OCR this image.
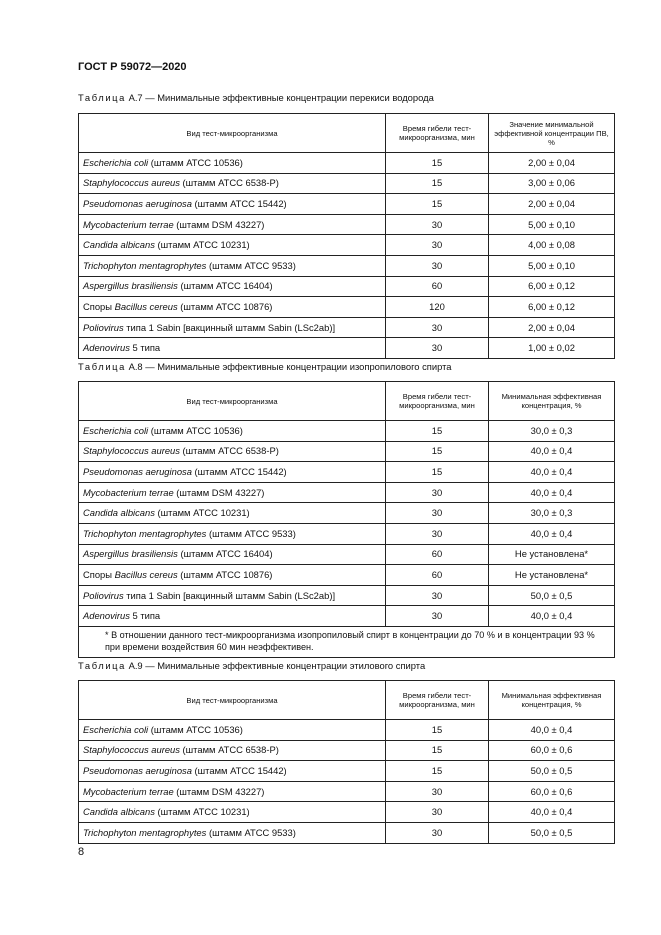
ГОСТ Р 59072—2020
Таблица А.7 — Минимальные эффективные концентрации перекиси водорода
Вид тест-микроорганизма	Время гибели тест-микроорганизма, мин	Значение минимальной эффективной концентрации ПВ, %
Escherichia coli (штамм АТСС 10536)	15	2,00 ± 0,04
Staphylococcus aureus (штамм АТСС 6538-P)	15	3,00 ± 0,06
Pseudomonas aeruginosa (штамм АТСС 15442)	15	2,00 ± 0,04
Mycobacterium terrae (штамм DSM 43227)	30	5,00 ± 0,10
Candida albicans (штамм АТСС 10231)	30	4,00 ± 0,08
Trichophyton mentagrophytes (штамм АТСС 9533)	30	5,00 ± 0,10
Aspergillus brasiliensis (штамм АТСС 16404)	60	6,00 ± 0,12
Споры Bacillus cereus (штамм АТСС 10876)	120	6,00 ± 0,12
Poliovirus типа 1 Sabin [вакцинный штамм Sabin (LSc2ab)]	30	2,00 ± 0,04
Adenovirus 5 типа	30	1,00 ± 0,02
Таблица А.8 — Минимальные эффективные концентрации изопропилового спирта
Вид тест-микроорганизма	Время гибели тест-микроорганизма, мин	Минимальная эффективная концентрация, %
Escherichia coli (штамм АТСС 10536)	15	30,0 ± 0,3
Staphylococcus aureus (штамм АТСС 6538-P)	15	40,0 ± 0,4
Pseudomonas aeruginosa (штамм АТСС 15442)	15	40,0 ± 0,4
Mycobacterium terrae (штамм DSM 43227)	30	40,0 ± 0,4
Candida albicans (штамм АТСС 10231)	30	30,0 ± 0,3
Trichophyton mentagrophytes (штамм АТСС 9533)	30	40,0 ± 0,4
Aspergillus brasiliensis (штамм АТСС 16404)	60	Не установлена*
Споры Bacillus cereus (штамм АТСС 10876)	60	Не установлена*
Poliovirus типа 1 Sabin [вакцинный штамм Sabin (LSc2ab)]	30	50,0 ± 0,5
Adenovirus 5 типа	30	40,0 ± 0,4
* В отношении данного тест-микроорганизма изопропиловый спирт в концентрации до 70 % и в концентрации 93 % при времени воздействия 60 мин неэффективен.		
Таблица А.9 — Минимальные эффективные концентрации этилового спирта
Вид тест-микроорганизма	Время гибели тест-микроорганизма, мин	Минимальная эффективная концентрация, %
Escherichia coli (штамм АТСС 10536)	15	40,0 ± 0,4
Staphylococcus aureus (штамм АТСС 6538-P)	15	60,0 ± 0,6
Pseudomonas aeruginosa (штамм АТСС 15442)	15	50,0 ± 0,5
Mycobacterium terrae (штамм DSM 43227)	30	60,0 ± 0,6
Candida albicans (штамм АТСС 10231)	30	40,0 ± 0,4
Trichophyton mentagrophytes (штамм АТСС 9533)	30	50,0 ± 0,5
8
